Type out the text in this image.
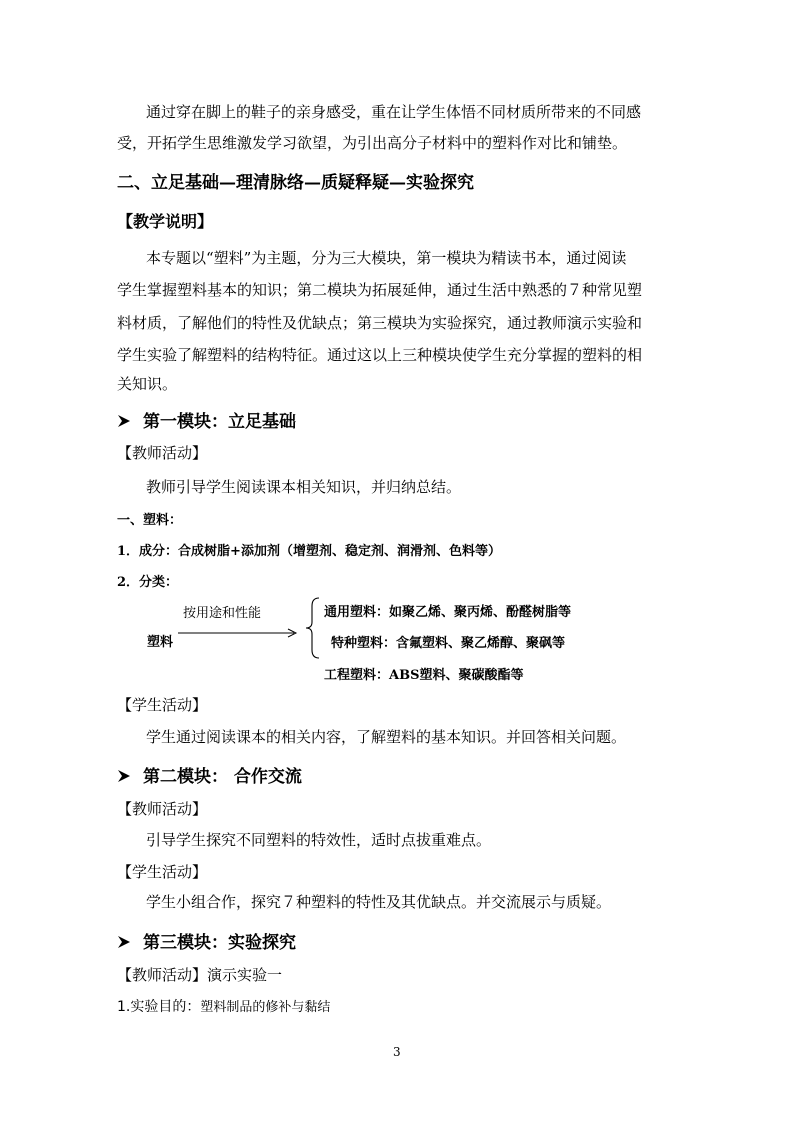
通过穿在脚上的鞋子的亲身感受，重在让学生体悟不同材质所带来的不同感
受，开拓学生思维激发学习欲望，为引出高分子材料中的塑料作对比和铺垫。
二、立足基础—理清脉络—质疑释疑—实验探究
【教学说明】
本专题以“塑料”为主题，分为三大模块，第一模块为精读书本，通过阅读
学生掌握塑料基本的知识；第二模块为拓展延伸，通过生活中熟悉的７种常见塑
料材质，了解他们的特性及优缺点；第三模块为实验探究，通过教师演示实验和
学生实验了解塑料的结构特征。通过这以上三种模块使学生充分掌握的塑料的相
关知识。
第一模块：立足基础
【教师活动】
教师引导学生阅读课本相关知识，并归纳总结。
一、塑料：
1．成分：合成树脂+添加剂（增塑剂、稳定剂、润滑剂、色料等）
2．分类：
按用途和性能
塑料
通用塑料：如聚乙烯、聚丙烯、酚醛树脂等
特种塑料：含氟塑料、聚乙烯醇、聚砜等
工程塑料：ABS塑料、聚碳酸酯等
【学生活动】
学生通过阅读课本的相关内容，了解塑料的基本知识。并回答相关问题。
第二模块： 合作交流
【教师活动】
引导学生探究不同塑料的特效性，适时点拔重难点。
【学生活动】
学生小组合作，探究７种塑料的特性及其优缺点。并交流展示与质疑。
第三模块：实验探究
【教师活动】演示实验一
1.实验目的：塑料制品的修补与黏结
3
